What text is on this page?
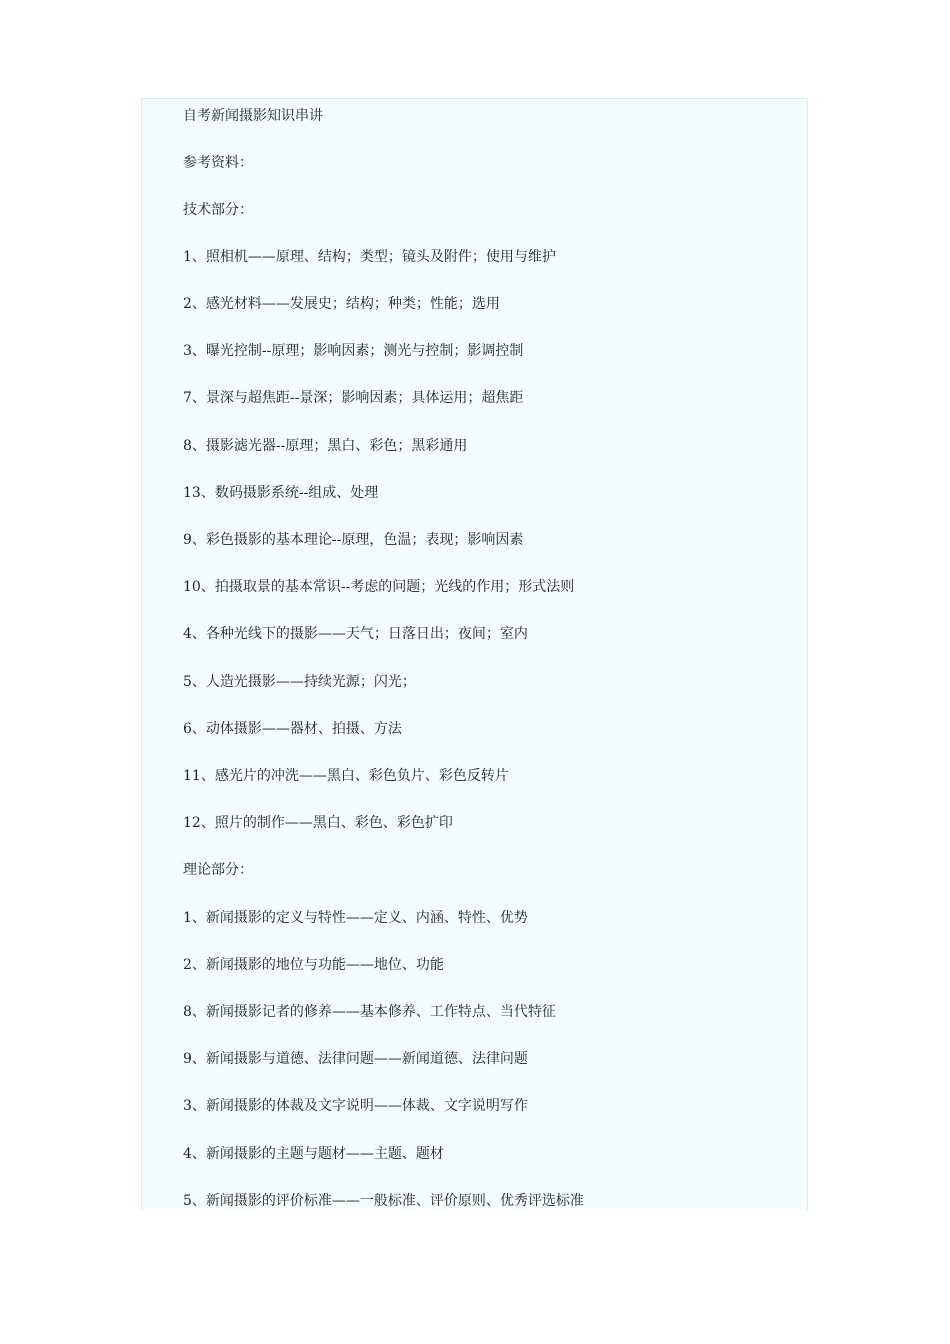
自考新闻摄影知识串讲
参考资料：
技术部分：
1、照相机——原理、结构；类型；镜头及附件；使用与维护
2、感光材料——发展史；结构；种类；性能；选用
3、曝光控制--原理；影响因素；测光与控制；影调控制
7、景深与超焦距--景深；影响因素；具体运用；超焦距
8、摄影滤光器--原理；黑白、彩色；黑彩通用
13、数码摄影系统--组成、处理
9、彩色摄影的基本理论--原理，色温；表现；影响因素
10、拍摄取景的基本常识--考虑的问题；光线的作用；形式法则
4、各种光线下的摄影——天气；日落日出；夜间；室内
5、人造光摄影——持续光源；闪光；
6、动体摄影——器材、拍摄、方法
11、感光片的冲洗——黑白、彩色负片、彩色反转片
12、照片的制作——黑白、彩色、彩色扩印
理论部分：
1、新闻摄影的定义与特性——定义、内涵、特性、优势
2、新闻摄影的地位与功能——地位、功能
8、新闻摄影记者的修养——基本修养、工作特点、当代特征
9、新闻摄影与道德、法律问题——新闻道德、法律问题
3、新闻摄影的体裁及文字说明——体裁、文字说明写作
4、新闻摄影的主题与题材——主题、题材
5、新闻摄影的评价标准——一般标准、评价原则、优秀评选标准
